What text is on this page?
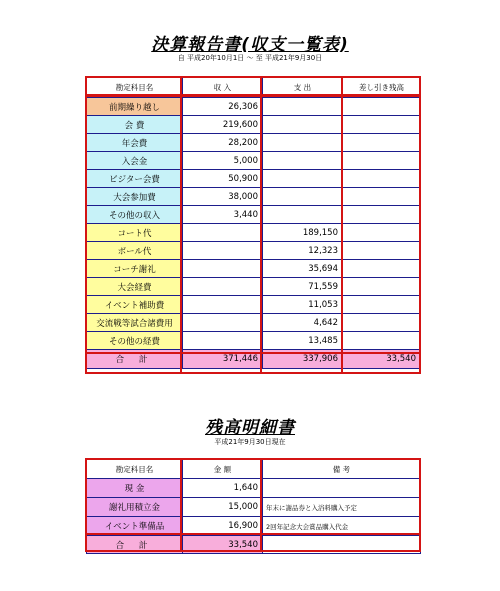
決算報告書(収支一覧表)
自 平成20年10月1日 〜 至 平成21年9月30日
勘定科目名	収 入	支 出	差し引き残高
前期繰り越し	26,306		
会 費	219,600		
年会費	28,200		
入会金	5,000		
ビジター会費	50,900		
大会参加費	38,000		
その他の収入	3,440		
コート代		189,150	
ボール代		12,323	
コーチ謝礼		35,694	
大会経費		71,559	
イベント補助費		11,053	
交流戦等試合諸費用		4,642	
その他の経費		13,485	
合 計	371,446	337,906	33,540
残高明細書
平成21年9月30日現在
勘定科目名	金 額	備 考
現 金	1,640	
謝礼用積立金	15,000	年末に謝品券と入浴料購入予定
イベント準備品	16,900	2回年記念大会賞品購入代金
合 計	33,540	
